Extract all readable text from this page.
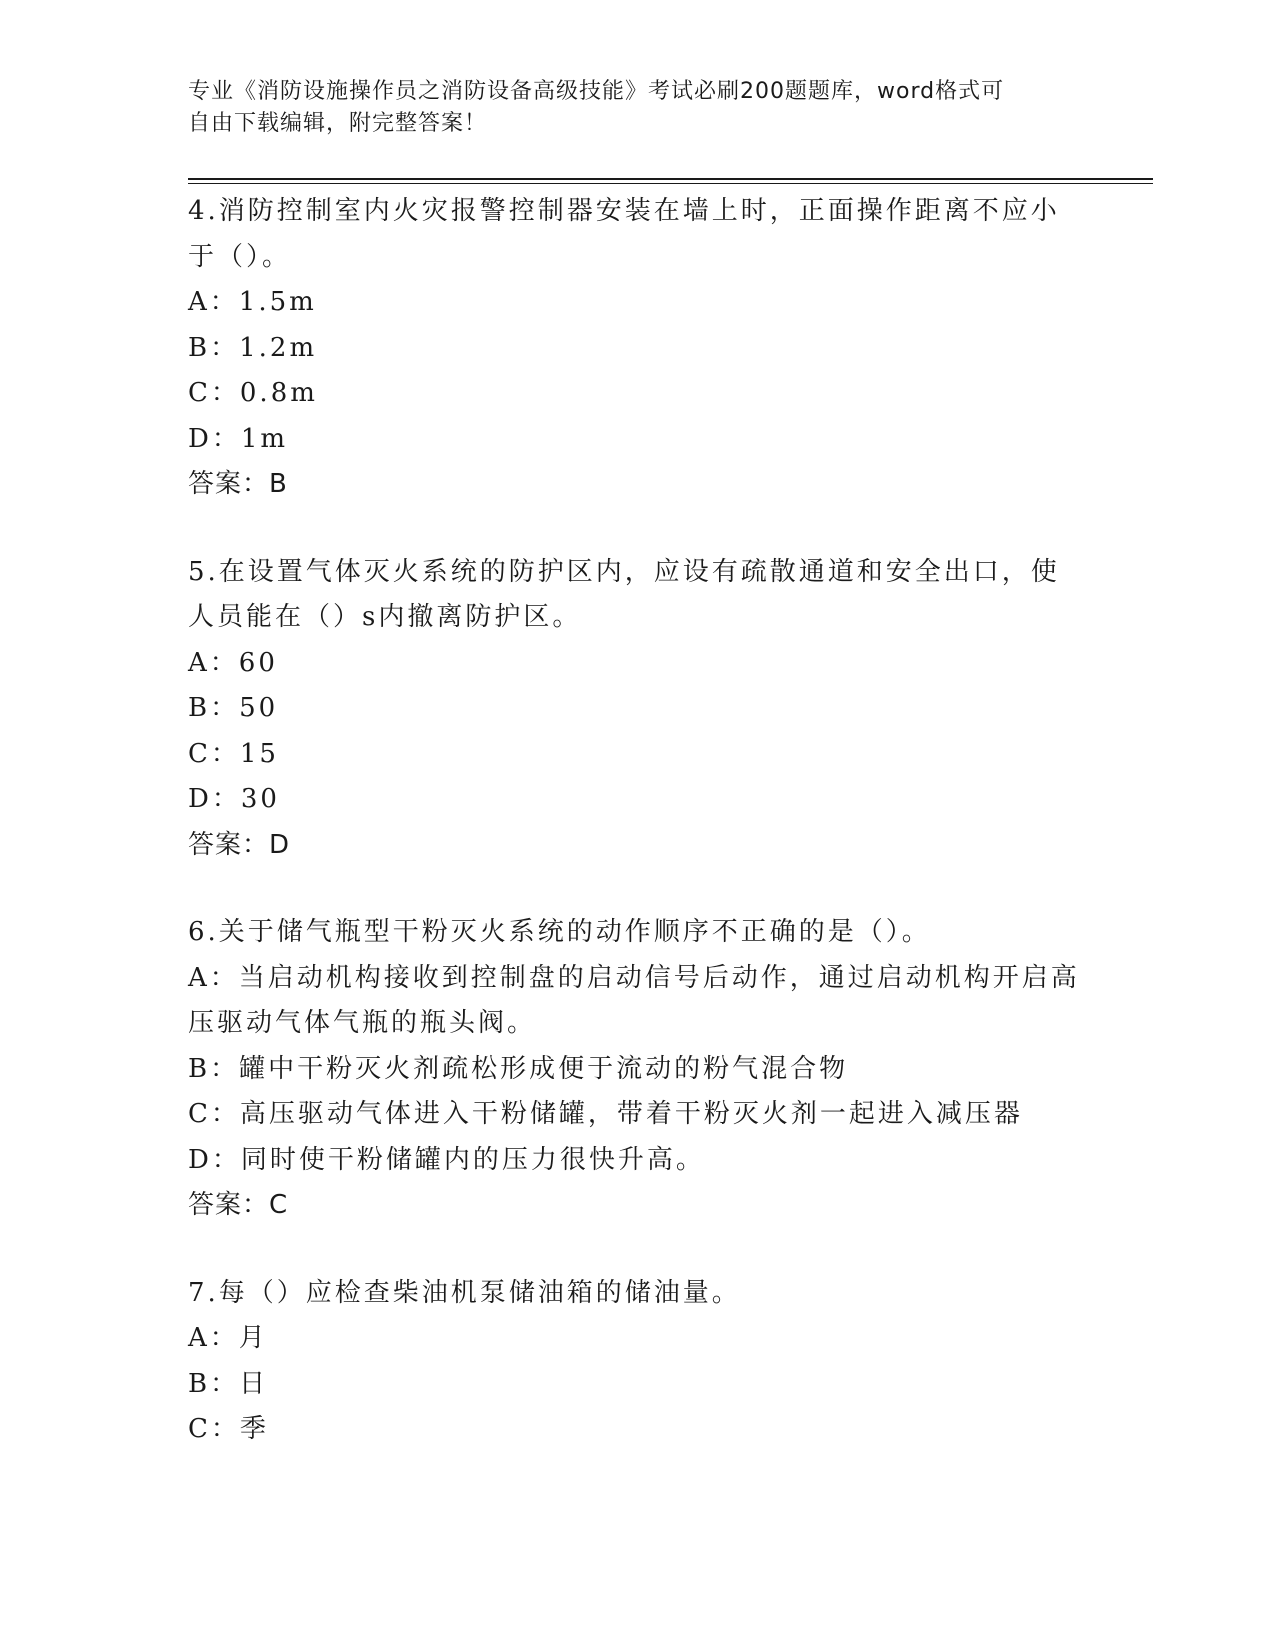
专业《消防设施操作员之消防设备高级技能》考试必刷200题题库，word格式可
自由下载编辑，附完整答案！
4.消防控制室内火灾报警控制器安装在墙上时，正面操作距离不应小
于（）。
A：1.5m
B：1.2m
C：0.8m
D：1m
答案：B
5.在设置气体灭火系统的防护区内，应设有疏散通道和安全出口，使
人员能在（）s内撤离防护区。
A：60
B：50
C：15
D：30
答案：D
6.关于储气瓶型干粉灭火系统的动作顺序不正确的是（）。
A：当启动机构接收到控制盘的启动信号后动作，通过启动机构开启高
压驱动气体气瓶的瓶头阀。
B：罐中干粉灭火剂疏松形成便于流动的粉气混合物
C：高压驱动气体进入干粉储罐，带着干粉灭火剂一起进入减压器
D：同时使干粉储罐内的压力很快升高。
答案：C
7.每（）应检查柴油机泵储油箱的储油量。
A：月
B：日
C：季
